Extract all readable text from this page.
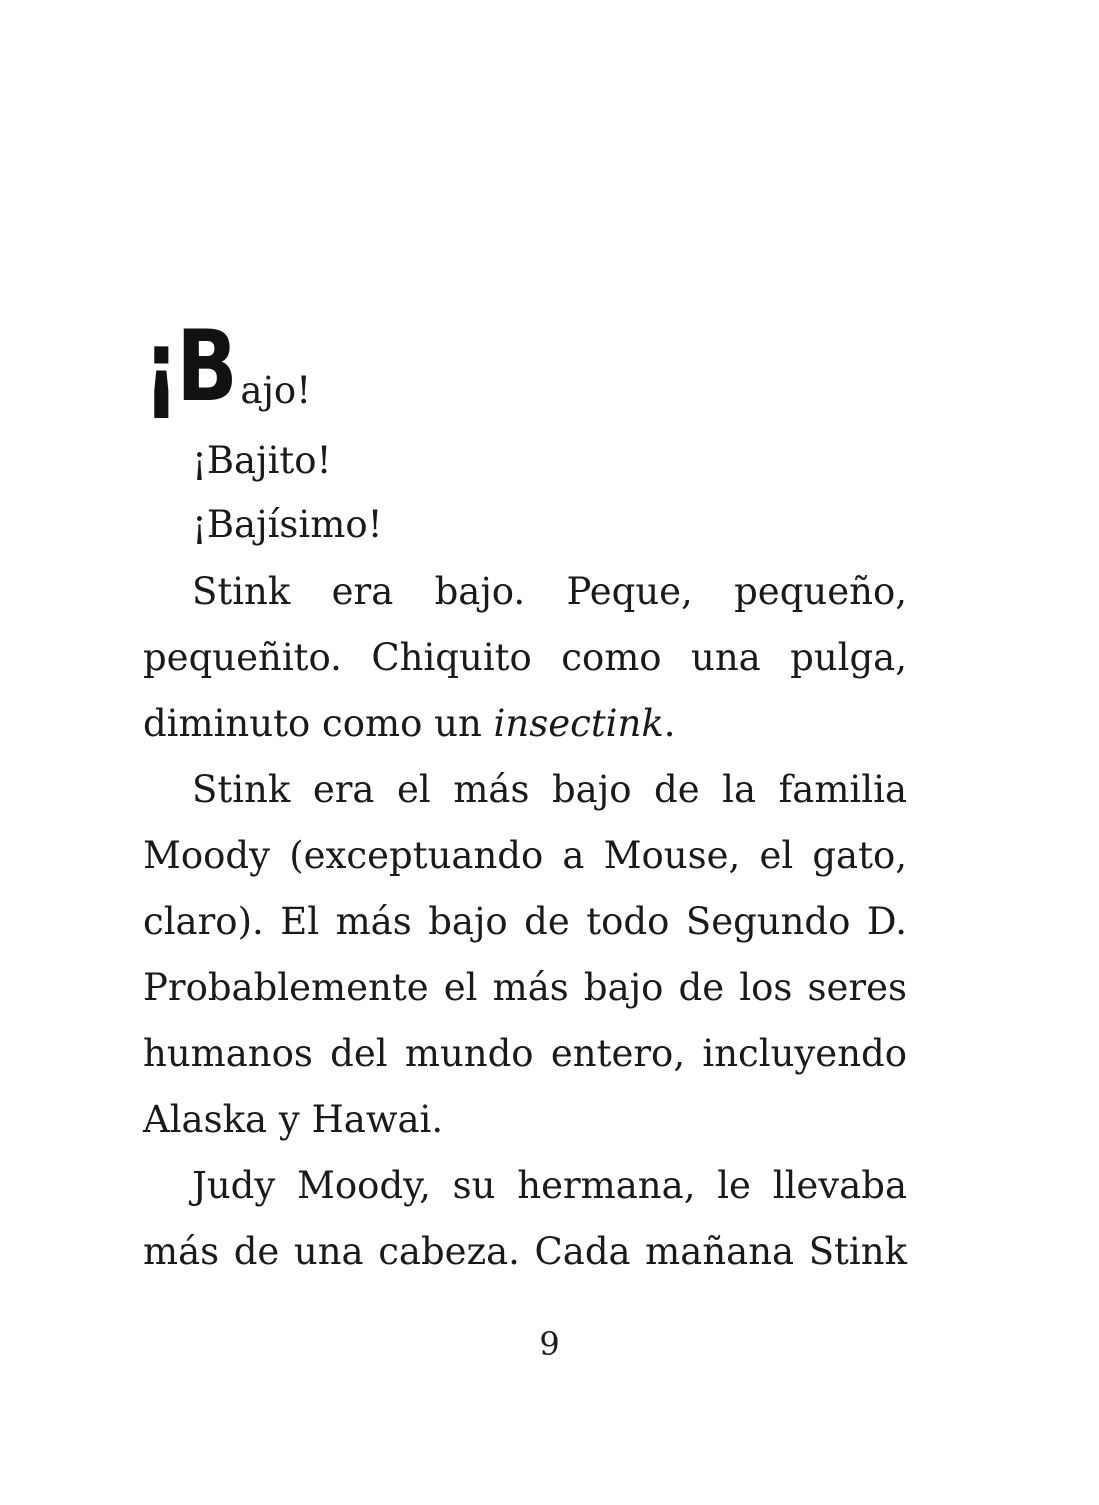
¡B ajo!
¡Bajito!
¡Bajísimo!
Stink era bajo. Peque, pequeño,
pequeñito. Chiquito como una pulga,
diminuto como un insectink.
Stink era el más bajo de la familia
Moody (exceptuando a Mouse, el gato,
claro). El más bajo de todo Segundo D.
Probablemente el más bajo de los seres
humanos del mundo entero, incluyendo
Alaska y Hawai.
Judy Moody, su hermana, le llevaba
más de una cabeza. Cada mañana Stink
9
